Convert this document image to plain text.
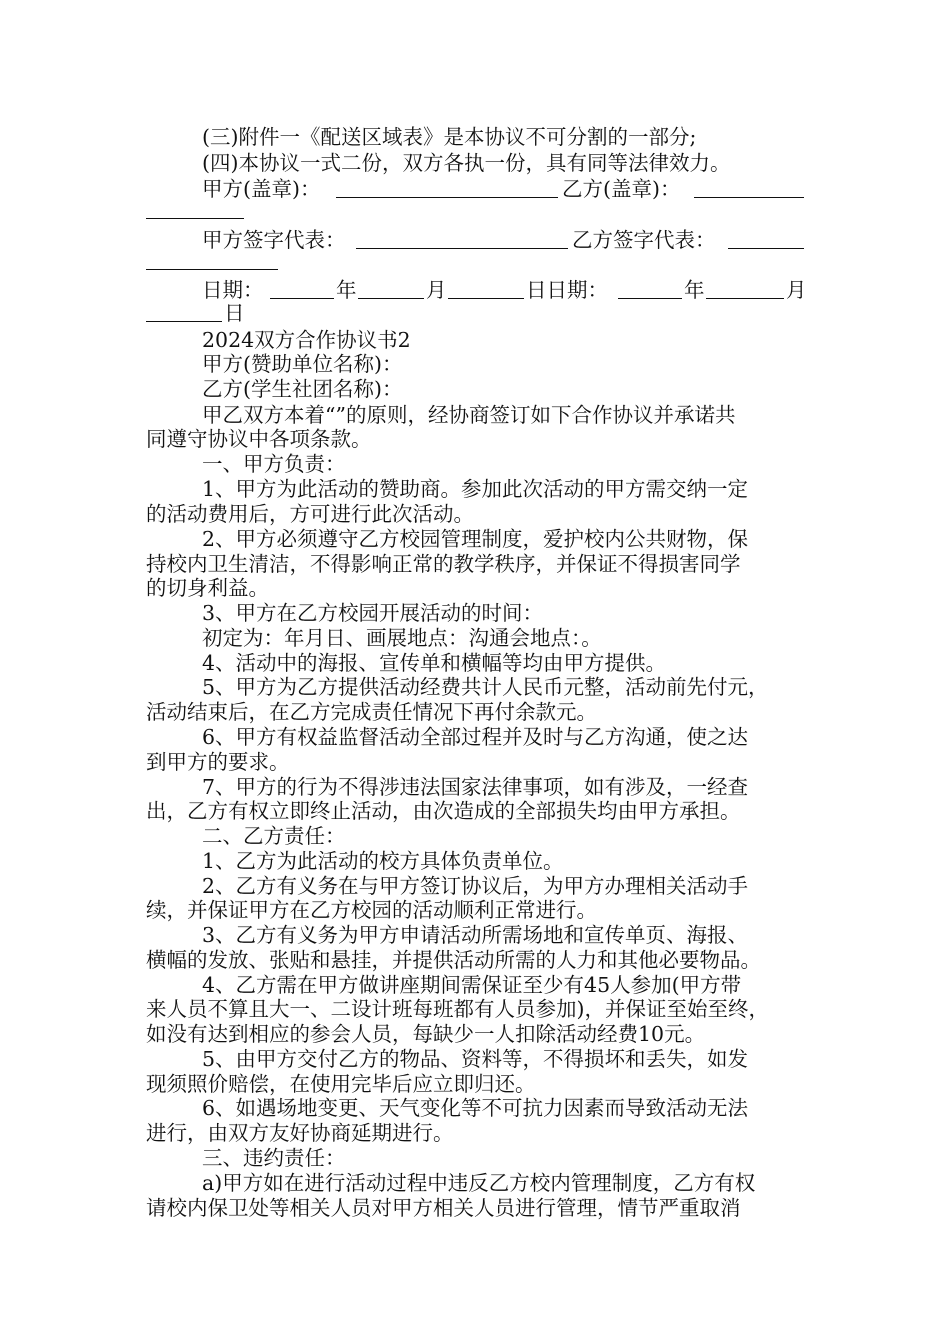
(三)附件一《配送区域表》是本协议不可分割的一部分;
(四)本协议一式二份，双方各执一份，具有同等法律效力。
甲方(盖章)：	乙方(盖章)：
甲方签字代表：	乙方签字代表：
日期：	年	月	日日期：	年	月
日
2024双方合作协议书2
甲方(赞助单位名称)：
乙方(学生社团名称)：
甲乙双方本着“”的原则，经协商签订如下合作协议并承诺共
同遵守协议中各项条款。
一、甲方负责：
1、甲方为此活动的赞助商。参加此次活动的甲方需交纳一定
的活动费用后，方可进行此次活动。
2、甲方必须遵守乙方校园管理制度，爱护校内公共财物，保
持校内卫生清洁，不得影响正常的教学秩序，并保证不得损害同学
的切身利益。
3、甲方在乙方校园开展活动的时间：
初定为：年月日、画展地点：沟通会地点：。
4、活动中的海报、宣传单和横幅等均由甲方提供。
5、甲方为乙方提供活动经费共计人民币元整，活动前先付元，
活动结束后，在乙方完成责任情况下再付余款元。
6、甲方有权益监督活动全部过程并及时与乙方沟通，使之达
到甲方的要求。
7、甲方的行为不得涉违法国家法律事项，如有涉及，一经查
出，乙方有权立即终止活动，由次造成的全部损失均由甲方承担。
二、乙方责任：
1、乙方为此活动的校方具体负责单位。
2、乙方有义务在与甲方签订协议后，为甲方办理相关活动手
续，并保证甲方在乙方校园的活动顺利正常进行。
3、乙方有义务为甲方申请活动所需场地和宣传单页、海报、
横幅的发放、张贴和悬挂，并提供活动所需的人力和其他必要物品。
4、乙方需在甲方做讲座期间需保证至少有45人参加(甲方带
来人员不算且大一、二设计班每班都有人员参加)，并保证至始至终，
如没有达到相应的参会人员，每缺少一人扣除活动经费10元。
5、由甲方交付乙方的物品、资料等，不得损坏和丢失，如发
现须照价赔偿，在使用完毕后应立即归还。
6、如遇场地变更、天气变化等不可抗力因素而导致活动无法
进行，由双方友好协商延期进行。
三、违约责任：
a)甲方如在进行活动过程中违反乙方校内管理制度，乙方有权
请校内保卫处等相关人员对甲方相关人员进行管理，情节严重取消
